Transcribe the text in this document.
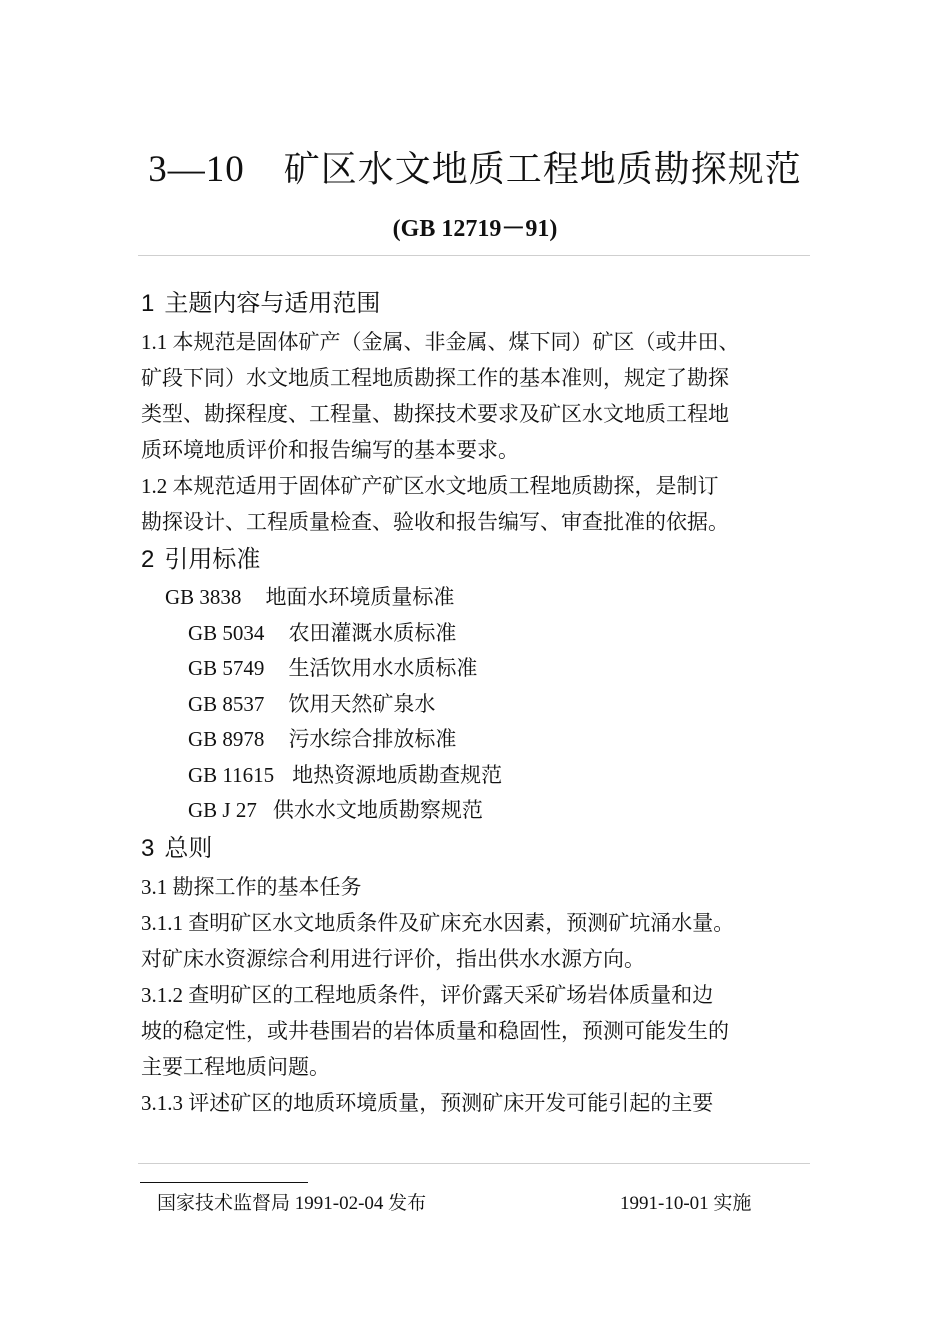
3—10 矿区水文地质工程地质勘探规范
(GB 12719－91)
1 主题内容与适用范围

1.1 本规范是固体矿产（金属、非金属、煤下同）矿区（或井田、

矿段下同）水文地质工程地质勘探工作的基本准则，规定了勘探

类型、勘探程度、工程量、勘探技术要求及矿区水文地质工程地

质环境地质评价和报告编写的基本要求。

1.2 本规范适用于固体矿产矿区水文地质工程地质勘探，是制订

勘探设计、工程质量检查、验收和报告编写、审查批准的依据。

2 引用标准

GB 3838 地面水环境质量标准

GB 5034 农田灌溉水质标准

GB 5749 生活饮用水水质标准

GB 8537 饮用天然矿泉水

GB 8978 污水综合排放标准

GB 11615 地热资源地质勘查规范

GB J 27 供水水文地质勘察规范

3 总则

3.1 勘探工作的基本任务

3.1.1 查明矿区水文地质条件及矿床充水因素，预测矿坑涌水量。

对矿床水资源综合利用进行评价，指出供水水源方向。

3.1.2 查明矿区的工程地质条件，评价露天采矿场岩体质量和边

坡的稳定性，或井巷围岩的岩体质量和稳固性，预测可能发生的

主要工程地质问题。

3.1.3 评述矿区的地质环境质量，预测矿床开发可能引起的主要

国家技术监督局 1991-02-04 发布	1991-10-01 实施
